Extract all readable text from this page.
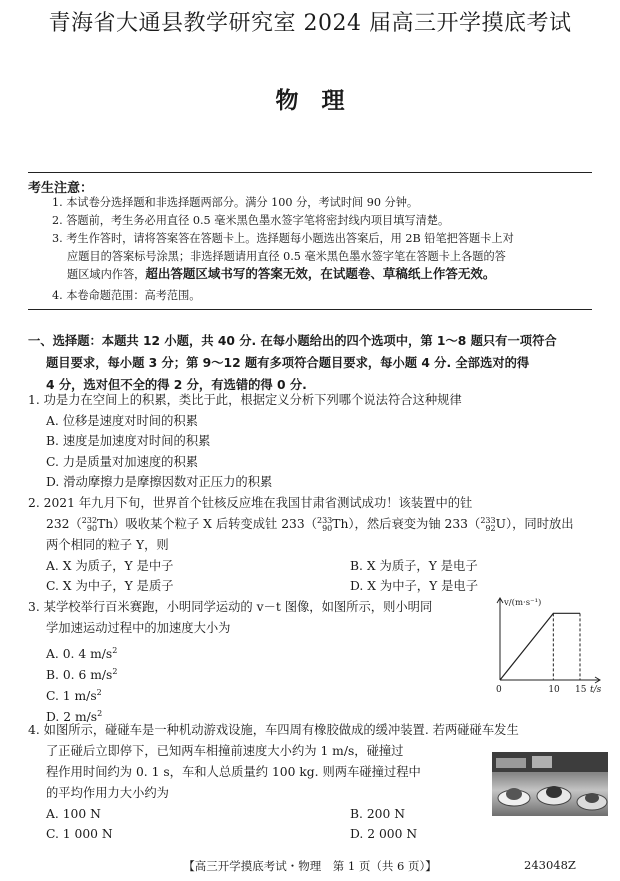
青海省大通县教学研究室 2024 届高三开学摸底考试
物　理
考生注意：
1. 本试卷分选择题和非选择题两部分。满分 100 分，考试时间 90 分钟。
2. 答题前，考生务必用直径 0.5 毫米黑色墨水签字笔将密封线内项目填写清楚。
3. 考生作答时，请将答案答在答题卡上。选择题每小题选出答案后，用 2B 铅笔把答题卡上对
应题目的答案标号涂黑；非选择题请用直径 0.5 毫米黑色墨水签字笔在答题卡上各题的答
题区域内作答，超出答题区域书写的答案无效，在试题卷、草稿纸上作答无效。
4. 本卷命题范围：高考范围。
一、选择题：本题共 12 小题，共 40 分. 在每小题给出的四个选项中，第 1～8 题只有一项符合
题目要求，每小题 3 分；第 9～12 题有多项符合题目要求，每小题 4 分. 全部选对的得
4 分，选对但不全的得 2 分，有选错的得 0 分.
1. 功是力在空间上的积累，类比于此，根据定义分析下列哪个说法符合这种规律
A. 位移是速度对时间的积累
B. 速度是加速度对时间的积累
C. 力是质量对加速度的积累
D. 滑动摩擦力是摩擦因数对正压力的积累
2. 2021 年九月下旬，世界首个钍核反应堆在我国甘肃省测试成功！该装置中的钍
232（232
90Th）吸收某个粒子 X 后转变成钍 233（233
90Th），然后衰变为铀 233（233
92U），同时放出
两个相同的粒子 Y，则
A. X 为质子，Y 是中子	B. X 为质子，Y 是电子
C. X 为中子，Y 是质子	D. X 为中子，Y 是电子
3. 某学校举行百米赛跑，小明同学运动的 v－t 图像，如图所示，则小明同
学加速运动过程中的加速度大小为
A. 0. 4 $m/s^2$
B. 0. 6 $m/s^2$
C. 1 $m/s^2$
D. 2 $m/s^2$
v/(m·s⁻¹)
t/s
0	10 15
4. 如图所示，碰碰车是一种机动游戏设施，车四周有橡胶做成的缓冲装置. 若两碰碰车发生
了正碰后立即停下，已知两车相撞前速度大小约为 1 m/s，碰撞过
程作用时间约为 0. 1 s，车和人总质量约 100 kg. 则两车碰撞过程中
的平均作用力大小约为
A. 100 N	B. 200 N
C. 1 000 N	D. 2 000 N
【高三开学摸底考试・物理　第 1 页（共 6 页）】	243048Z
